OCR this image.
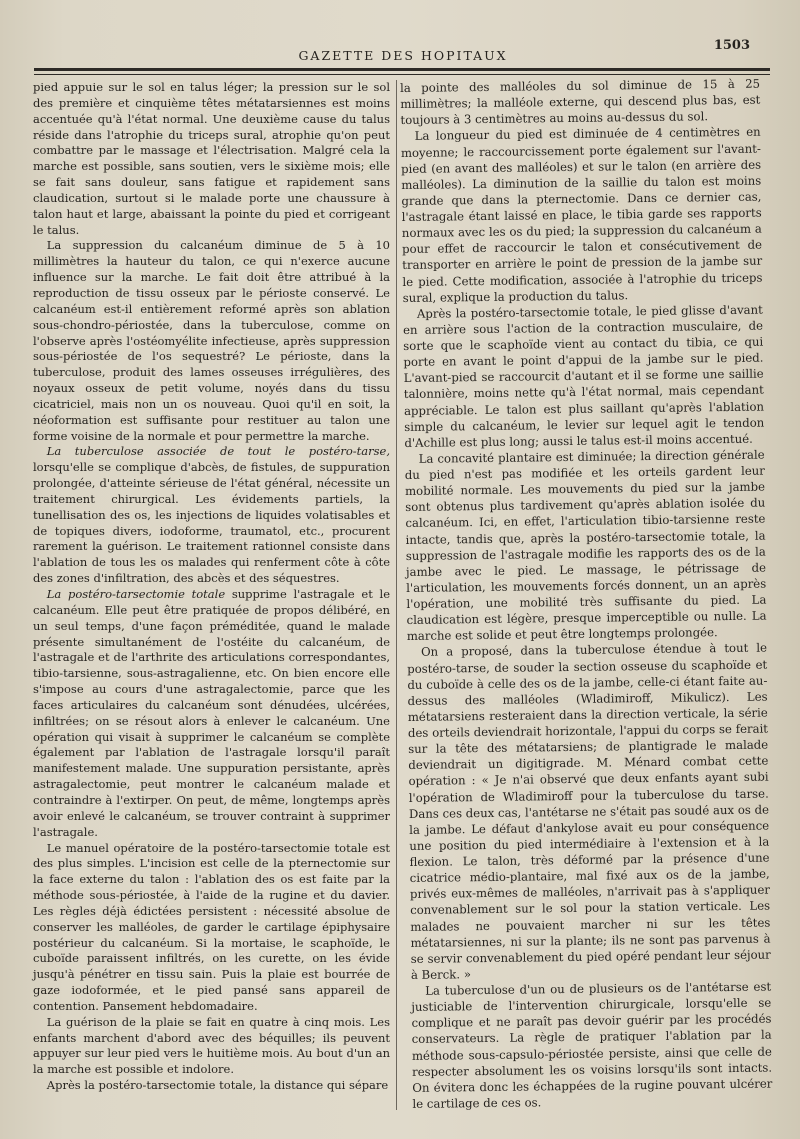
GAZETTE DES HOPITAUX
1503

pied appuie sur le sol en talus léger; la pression sur le sol des première et cinquième têtes métatarsiennes est moins accentuée qu'à l'état normal. Une deuxième cause du talus réside dans l'atrophie du triceps sural, atrophie qu'on peut combattre par le massage et l'électrisation. Malgré cela la marche est possible, sans soutien, vers le sixième mois; elle se fait sans douleur, sans fatigue et rapidement sans claudication, surtout si le malade porte une chaussure à talon haut et large, abaissant la pointe du pied et corrigeant le talus.

La suppression du calcanéum diminue de 5 à 10 millimètres la hauteur du talon, ce qui n'exerce aucune influence sur la marche. Le fait doit être attribué à la reproduction de tissu osseux par le périoste conservé. Le calcanéum est-il entièrement reformé après son ablation sous-chondro-périostée, dans la tuberculose, comme on l'observe après l'ostéomyélite infectieuse, après suppression sous-périostée de l'os sequestré? Le périoste, dans la tuberculose, produit des lames osseuses irrégulières, des noyaux osseux de petit volume, noyés dans du tissu cicatriciel, mais non un os nouveau. Quoi qu'il en soit, la néoformation est suffisante pour restituer au talon une forme voisine de la normale et pour permettre la marche.

La tuberculose associée de tout le postéro-tarse, lorsqu'elle se complique d'abcès, de fistules, de suppuration prolongée, d'atteinte sérieuse de l'état général, nécessite un traitement chirurgical. Les évidements partiels, la tunellisation des os, les injections de liquides volatisables et de topiques divers, iodoforme, traumatol, etc., procurent rarement la guérison. Le traitement rationnel consiste dans l'ablation de tous les os malades qui renferment côte à côte des zones d'infiltration, des abcès et des séquestres.

La postéro-tarsectomie totale supprime l'astragale et le calcanéum. Elle peut être pratiquée de propos délibéré, en un seul temps, d'une façon préméditée, quand le malade présente simultanément de l'ostéite du calcanéum, de l'astragale et de l'arthrite des articulations correspondantes, tibio-tarsienne, sous-astragalienne, etc. On bien encore elle s'impose au cours d'une astragalectomie, parce que les faces articulaires du calcanéum sont dénudées, ulcérées, infiltrées; on se résout alors à enlever le calcanéum. Une opération qui visait à supprimer le calcanéum se complète également par l'ablation de l'astragale lorsqu'il paraît manifestement malade. Une suppuration persistante, après astragalectomie, peut montrer le calcanéum malade et contraindre à l'extirper. On peut, de même, longtemps après avoir enlevé le calcanéum, se trouver contraint à supprimer l'astragale.

Le manuel opératoire de la postéro-tarsectomie totale est des plus simples. L'incision est celle de la pternectomie sur la face externe du talon : l'ablation des os est faite par la méthode sous-périostée, à l'aide de la rugine et du davier. Les règles déjà édictées persistent : nécessité absolue de conserver les malléoles, de garder le cartilage épiphysaire postérieur du calcanéum. Si la mortaise, le scaphoïde, le cuboïde paraissent infiltrés, on les curette, on les évide jusqu'à pénétrer en tissu sain. Puis la plaie est bourrée de gaze iodoformée, et le pied pansé sans appareil de contention. Pansement hebdomadaire.

La guérison de la plaie se fait en quatre à cinq mois. Les enfants marchent d'abord avec des béquilles; ils peuvent appuyer sur leur pied vers le huitième mois. Au bout d'un an la marche est possible et indolore.

Après la postéro-tarsectomie totale, la distance qui sépare

la pointe des malléoles du sol diminue de 15 à 25 millimètres; la malléole externe, qui descend plus bas, est toujours à 3 centimètres au moins au-dessus du sol.

La longueur du pied est diminuée de 4 centimètres en moyenne; le raccourcissement porte également sur l'avant-pied (en avant des malléoles) et sur le talon (en arrière des malléoles). La diminution de la saillie du talon est moins grande que dans la pternectomie. Dans ce dernier cas, l'astragale étant laissé en place, le tibia garde ses rapports normaux avec les os du pied; la suppression du calcanéum a pour effet de raccourcir le talon et consécutivement de transporter en arrière le point de pression de la jambe sur le pied. Cette modification, associée à l'atrophie du triceps sural, explique la production du talus.

Après la postéro-tarsectomie totale, le pied glisse d'avant en arrière sous l'action de la contraction musculaire, de sorte que le scaphoïde vient au contact du tibia, ce qui porte en avant le point d'appui de la jambe sur le pied. L'avant-pied se raccourcit d'autant et il se forme une saillie talonnière, moins nette qu'à l'état normal, mais cependant appréciable. Le talon est plus saillant qu'après l'ablation simple du calcanéum, le levier sur lequel agit le tendon d'Achille est plus long; aussi le talus est-il moins accentué.

La concavité plantaire est diminuée; la direction générale du pied n'est pas modifiée et les orteils gardent leur mobilité normale. Les mouvements du pied sur la jambe sont obtenus plus tardivement qu'après ablation isolée du calcanéum. Ici, en effet, l'articulation tibio-tarsienne reste intacte, tandis que, après la postéro-tarsectomie totale, la suppression de l'astragale modifie les rapports des os de la jambe avec le pied. Le massage, le pétrissage de l'articulation, les mouvements forcés donnent, un an après l'opération, une mobilité très suffisante du pied. La claudication est légère, presque imperceptible ou nulle. La marche est solide et peut être longtemps prolongée.

On a proposé, dans la tuberculose étendue à tout le postéro-tarse, de souder la section osseuse du scaphoïde et du cuboïde à celle des os de la jambe, celle-ci étant faite au-dessus des malléoles (Wladimiroff, Mikulicz). Les métatarsiens resteraient dans la direction verticale, la série des orteils deviendrait horizontale, l'appui du corps se ferait sur la tête des métatarsiens; de plantigrade le malade deviendrait un digitigrade. M. Ménard combat cette opération : « Je n'ai observé que deux enfants ayant subi l'opération de Wladimiroff pour la tuberculose du tarse. Dans ces deux cas, l'antétarse ne s'était pas soudé aux os de la jambe. Le défaut d'ankylose avait eu pour conséquence une position du pied intermédiaire à l'extension et à la flexion. Le talon, très déformé par la présence d'une cicatrice médio-plantaire, mal fixé aux os de la jambe, privés eux-mêmes de malléoles, n'arrivait pas à s'appliquer convenablement sur le sol pour la station verticale. Les malades ne pouvaient marcher ni sur les têtes métatarsiennes, ni sur la plante; ils ne sont pas parvenus à se servir convenablement du pied opéré pendant leur séjour à Berck. »

La tuberculose d'un ou de plusieurs os de l'antétarse est justiciable de l'intervention chirurgicale, lorsqu'elle se complique et ne paraît pas devoir guérir par les procédés conservateurs. La règle de pratiquer l'ablation par la méthode sous-capsulo-périostée persiste, ainsi que celle de respecter absolument les os voisins lorsqu'ils sont intacts. On évitera donc les échappées de la rugine pouvant ulcérer le cartilage de ces os.
